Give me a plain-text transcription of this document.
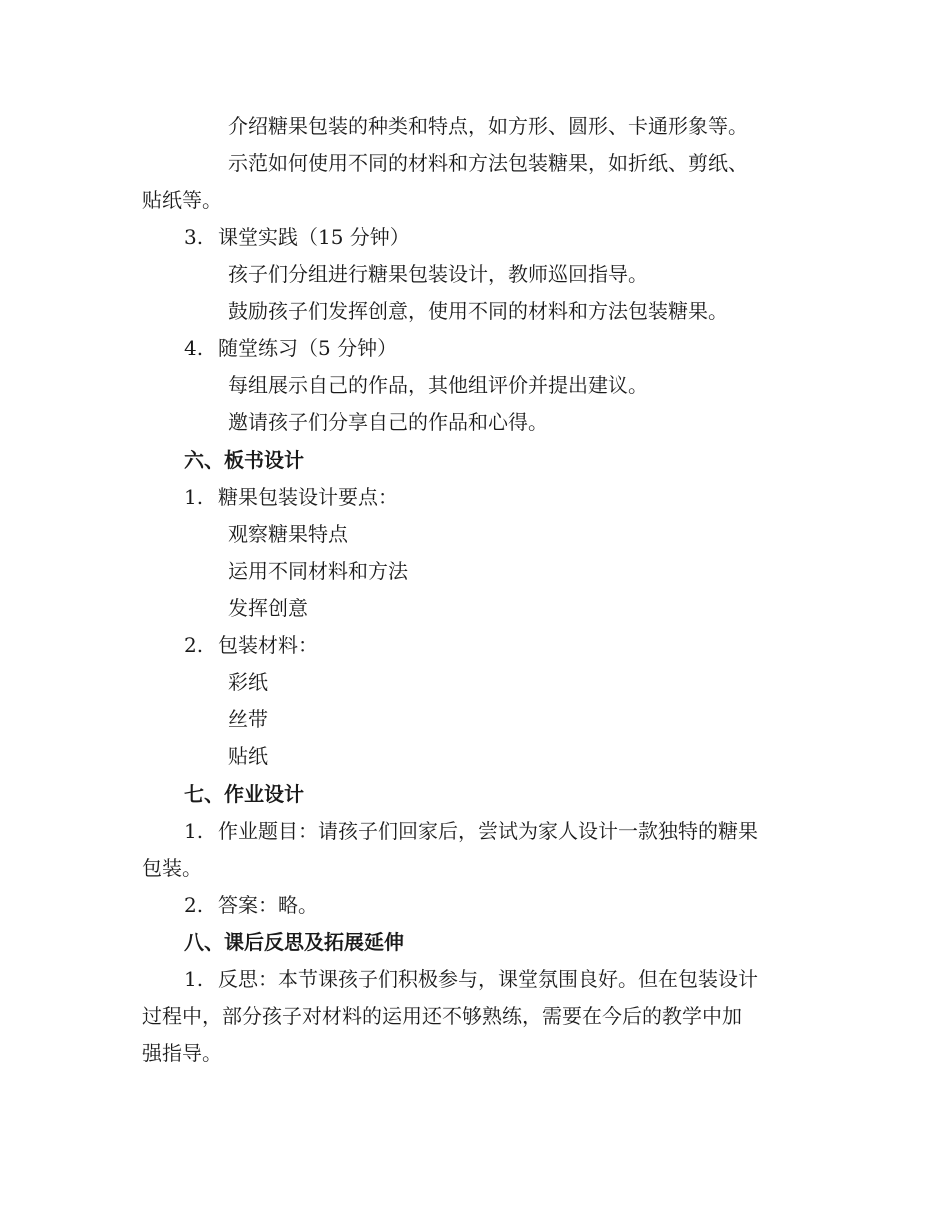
介绍糖果包装的种类和特点，如方形、圆形、卡通形象等。
示范如何使用不同的材料和方法包装糖果，如折纸、剪纸、
贴纸等。
3. 课堂实践（15 分钟）
孩子们分组进行糖果包装设计，教师巡回指导。
鼓励孩子们发挥创意，使用不同的材料和方法包装糖果。
4. 随堂练习（5 分钟）
每组展示自己的作品，其他组评价并提出建议。
邀请孩子们分享自己的作品和心得。
六、板书设计
1. 糖果包装设计要点：
观察糖果特点
运用不同材料和方法
发挥创意
2. 包装材料：
彩纸
丝带
贴纸
七、作业设计
1. 作业题目：请孩子们回家后，尝试为家人设计一款独特的糖果
包装。
2. 答案：略。
八、课后反思及拓展延伸
1. 反思：本节课孩子们积极参与，课堂氛围良好。但在包装设计
过程中，部分孩子对材料的运用还不够熟练，需要在今后的教学中加
强指导。
